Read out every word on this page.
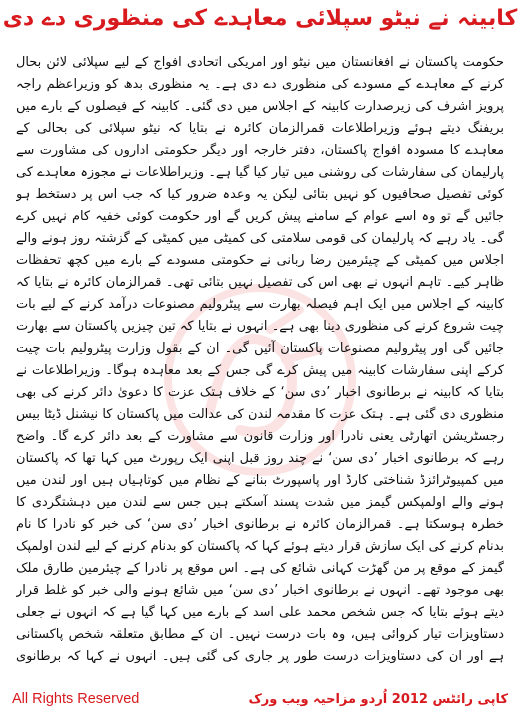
کابینہ نے نیٹو سپلائی معاہدے کی منظوری دے دی
حکومت پاکستان نے افغانستان میں نیٹو اور امریکی اتحادی افواج کے لیے سپلائی لائن بحال کرنے کے معاہدے کے مسودے کی منظوری دے دی ہے۔ یہ منظوری بدھ کو وزیراعظم راجہ پرویز اشرف کی زیرصدارت کابینہ کے اجلاس میں دی گئی۔ کابینہ کے فیصلوں کے بارے میں بریفنگ دیتے ہوئے وزیراطلاعات قمرالزمان کائرہ نے بتایا کہ نیٹو سپلائی کی بحالی کے معاہدے کا مسودہ افواج پاکستان، دفتر خارجہ اور دیگر حکومتی اداروں کی مشاورت سے پارلیمان کی سفارشات کی روشنی میں تیار کیا گیا ہے۔ وزیراطلاعات نے مجوزہ معاہدے کی کوئی تفصیل صحافیوں کو نہیں بتائی لیکن یہ وعدہ ضرور کیا کہ جب اس پر دستخط ہو جائیں گے تو وہ اسے عوام کے سامنے پیش کریں گے اور حکومت کوئی خفیہ کام نہیں کرے گی۔ یاد رہے کہ پارلیمان کی قومی سلامتی کی کمیٹی میں کمیٹی کے گزشتہ روز ہونے والے اجلاس میں کمیٹی کے چیئرمین رضا ربانی نے حکومتی مسودے کے بارے میں کچھ تحفظات ظاہر کیے۔ تاہم انہوں نے بھی اس کی تفصیل نہیں بتائی تھی۔ قمرالزمان کائرہ نے بتایا کہ کابینہ کے اجلاس میں ایک اہم فیصلہ بھارت سے پیٹرولیم مصنوعات درآمد کرنے کے لیے بات چیت شروع کرنے کی منظوری دینا بھی ہے۔ انہوں نے بتایا کہ تین چیزیں پاکستان سے بھارت جائیں گی اور پیٹرولیم مصنوعات پاکستان آئیں گی۔ ان کے بقول وزارت پیٹرولیم بات چیت کرکے اپنی سفارشات کابینہ میں پیش کرے گی جس کے بعد معاہدہ ہوگا۔ وزیراطلاعات نے بتایا کہ کابینہ نے برطانوی اخبار ’دی سن‘ کے خلاف ہتک عزت کا دعویٰ دائر کرنے کی بھی منظوری دی گئی ہے۔ ہتک عزت کا مقدمہ لندن کی عدالت میں پاکستان کا نیشنل ڈیٹا بیس رجسٹریشن اتھارٹی یعنی نادرا اور وزارت قانون سے مشاورت کے بعد دائر کرے گا۔ واضح رہے کہ برطانوی اخبار ’دی سن‘ نے چند روز قبل اپنی ایک رپورٹ میں کہا تھا کہ پاکستان میں کمپیوٹرائزڈ شناختی کارڈ اور پاسپورٹ بنانے کے نظام میں کوتاہیاں ہیں اور لندن میں ہونے والے اولمپکس گیمز میں شدت پسند آسکتے ہیں جس سے لندن میں دہشتگردی کا خطرہ ہوسکتا ہے۔ قمرالزمان کائرہ نے برطانوی اخبار ’دی سن‘ کی خبر کو نادرا کا نام بدنام کرنے کی ایک سازش قرار دیتے ہوئے کہا کہ پاکستان کو بدنام کرنے کے لیے لندن اولمپک گیمز کے موقع پر من گھڑت کہانی شائع کی ہے۔ اس موقع پر نادرا کے چیئرمین طارق ملک بھی موجود تھے۔ انہوں نے برطانوی اخبار ’دی سن‘ میں شائع ہونے والی خبر کو غلط قرار دیتے ہوئے بتایا کہ جس شخص محمد علی اسد کے بارے میں کہا گیا ہے کہ انہوں نے جعلی دستاویزات تیار کروائی ہیں، وہ بات درست نہیں۔ ان کے مطابق متعلقہ شخص پاکستانی ہے اور ان کی دستاویزات درست طور پر جاری کی گئی ہیں۔ انہوں نے کہا کہ برطانوی
All Rights Reserved	کاپی رائٹس 2012 اُردو مزاحیہ ویب ورک
